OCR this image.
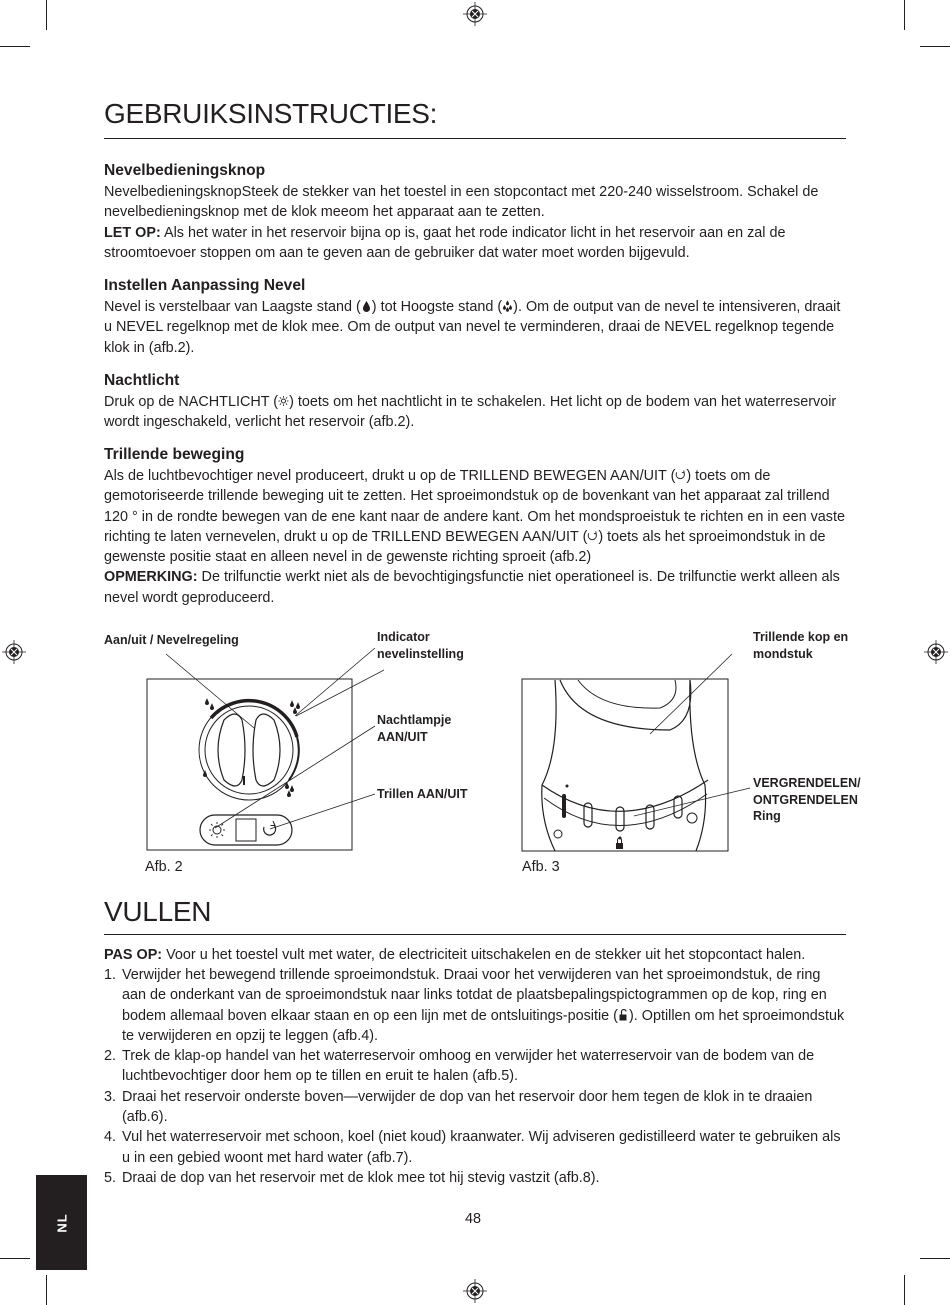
GEBRUIKSINSTRUCTIES:
Nevelbedieningsknop

NevelbedieningsknopSteek de stekker van het toestel in een stopcontact met 220-240 wisselstroom. Schakel de nevelbedieningsknop met de klok meeom het apparaat aan te zetten.

LET OP: Als het water in het reservoir bijna op is, gaat het rode indicator licht in het reservoir aan en zal de stroomtoevoer stoppen om aan te geven aan de gebruiker dat water moet worden bijgevuld.

Instellen Aanpassing Nevel

Nevel is verstelbaar van Laagste stand ( ) tot Hoogste stand ( ). Om de output van de nevel te intensiveren, draait u NEVEL regelknop met de klok mee. Om de output van nevel te verminderen, draai de NEVEL regelknop tegende klok in (afb.2).

Nachtlicht

Druk op de NACHTLICHT ( ) toets om het nachtlicht in te schakelen. Het licht op de bodem van het waterreservoir wordt ingeschakeld, verlicht het reservoir (afb.2).

Trillende beweging

Als de luchtbevochtiger nevel produceert, drukt u op de TRILLEND BEWEGEN AAN/UIT ( ) toets om de gemotoriseerde trillende beweging uit te zetten. Het sproeimondstuk op de bovenkant van het apparaat zal trillend 120 ° in de rondte bewegen van de ene kant naar de andere kant. Om het mondsproeistuk te richten en in een vaste richting te laten vernevelen, drukt u op de TRILLEND BEWEGEN AAN/UIT ( ) toets als het sproeimondstuk in de gewenste positie staat en alleen nevel in de gewenste richting sproeit (afb.2)

OPMERKING: De trilfunctie werkt niet als de bevochtigingsfunctie niet operationeel is. De trilfunctie werkt alleen als nevel wordt geproduceerd.

Aan/uit / Nevelregeling	Indicator
nevelinstelling
Nachtlampje
AAN/UIT
Trillen AAN/UIT
Afb. 2
Trillende kop en
mondstuk
VERGRENDELEN/
ONTGRENDELEN
Ring
Afb. 3
VULLEN

PAS OP: Voor u het toestel vult met water, de electriciteit uitschakelen en de stekker uit het stopcontact halen.

1. Verwijder het bewegend trillende sproeimondstuk. Draai voor het verwijderen van het sproeimondstuk, de ring aan de onderkant van de sproeimondstuk naar links totdat de plaatsbepalingspictogrammen op de kop, ring en bodem allemaal boven elkaar staan en op een lijn met de ontsluitings-positie ( ). Optillen om het sproeimondstuk te verwijderen en opzij te leggen (afb.4).
2. Trek de klap-op handel van het waterreservoir omhoog en verwijder het waterreservoir van de bodem van de luchtbevochtiger door hem op te tillen en eruit te halen (afb.5).
3. Draai het reservoir onderste boven—verwijder de dop van het reservoir door hem tegen de klok in te draaien (afb.6).
4. Vul het waterreservoir met schoon, koel (niet koud) kraanwater. Wij adviseren gedistilleerd water te gebruiken als u in een gebied woont met hard water (afb.7).
5. Draai de dop van het reservoir met de klok mee tot hij stevig vastzit (afb.8).
NL	48
